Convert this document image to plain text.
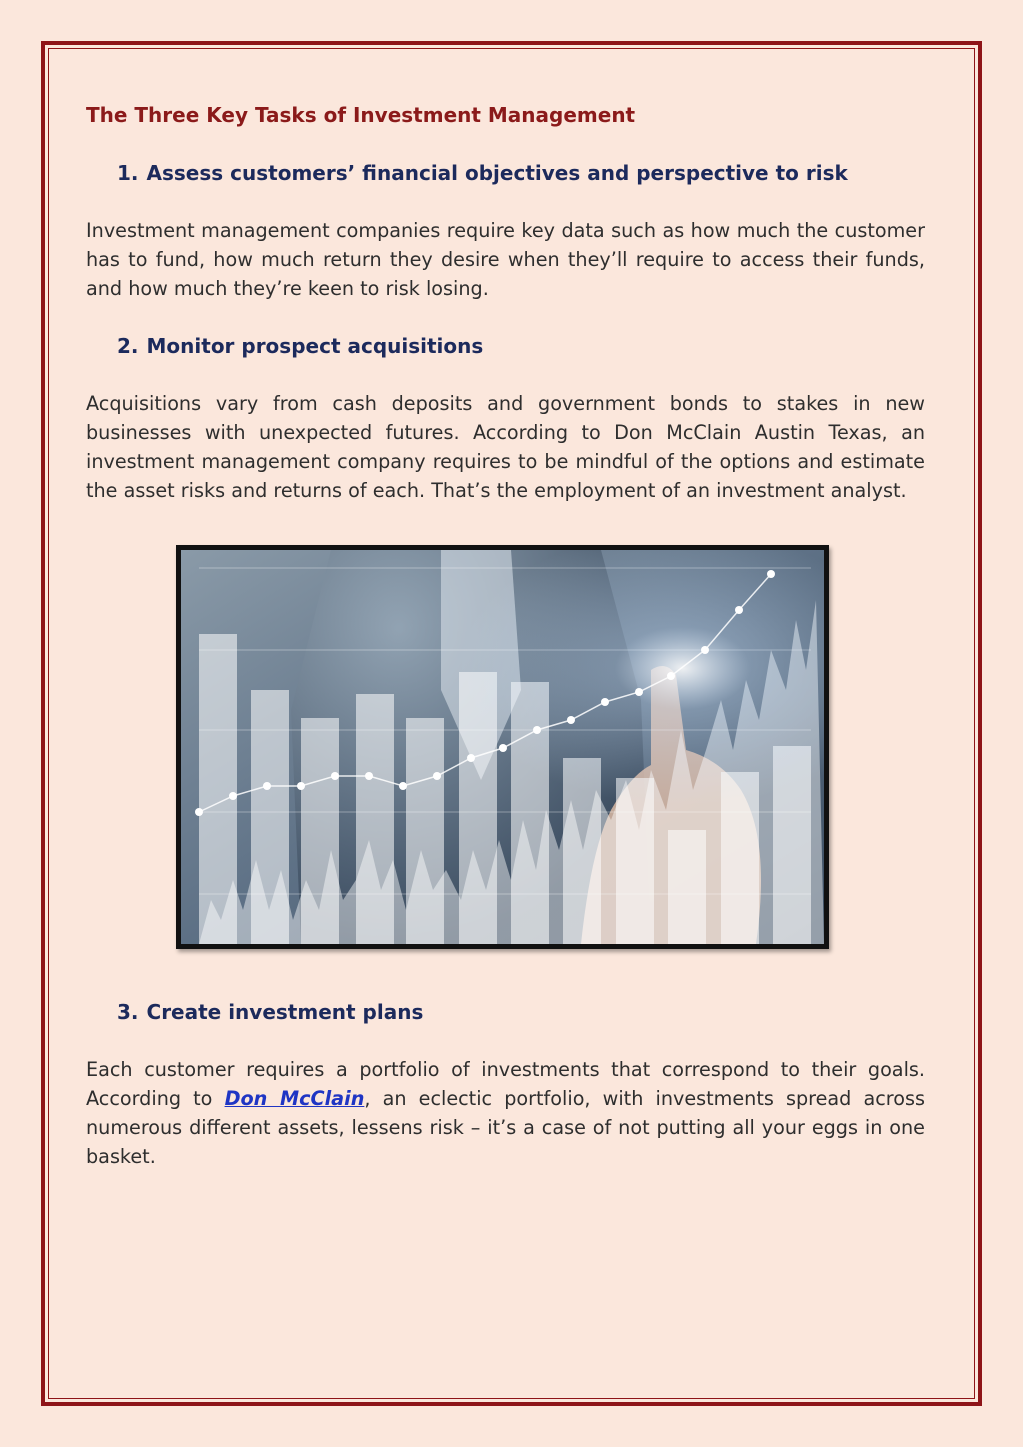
The Three Key Tasks of Investment Management
1. Assess customers’ financial objectives and perspective to risk

Investment management companies require key data such as how much the customer has to fund, how much return they desire when they’ll require to access their funds, and how much they’re keen to risk losing.

2. Monitor prospect acquisitions

Acquisitions vary from cash deposits and government bonds to stakes in new businesses with unexpected futures. According to Don McClain Austin Texas, an investment management company requires to be mindful of the options and estimate the asset risks and returns of each. That’s the employment of an investment analyst.

3. Create investment plans

Each customer requires a portfolio of investments that correspond to their goals. According to Don McClain, an eclectic portfolio, with investments spread across numerous different assets, lessens risk – it’s a case of not putting all your eggs in one basket.
